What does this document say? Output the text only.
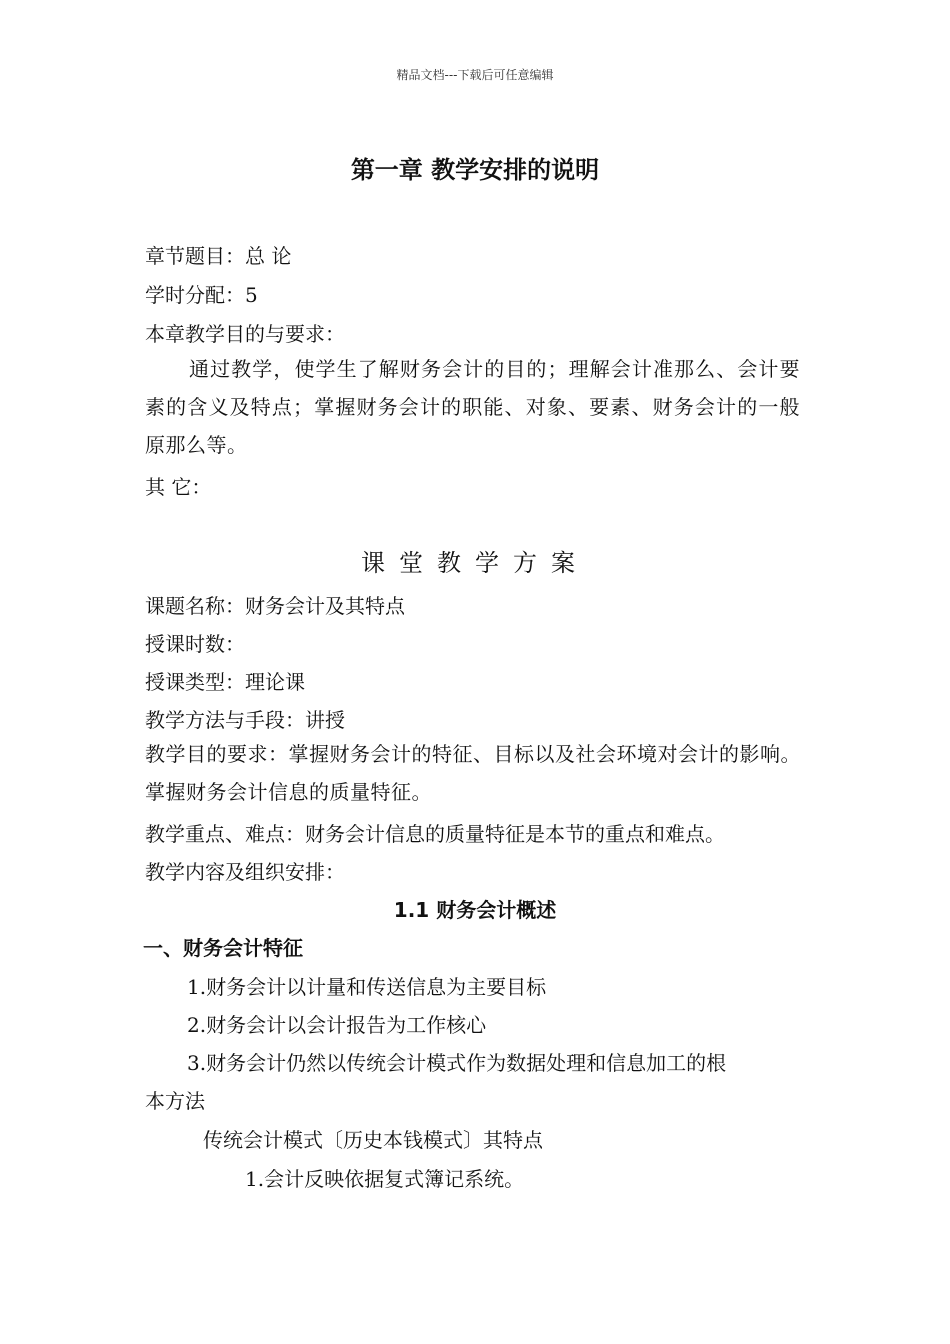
精品文档---下载后可任意编辑
第一章 教学安排的说明
章节题目：总 论
学时分配：5
本章教学目的与要求：
通过教学，使学生了解财务会计的目的；理解会计准那么、会计要素的含义及特点；掌握财务会计的职能、对象、要素、财务会计的一般原那么等。
其 它：
课堂教学方案
课题名称：财务会计及其特点
授课时数：
授课类型：理论课
教学方法与手段：讲授
教学目的要求：掌握财务会计的特征、目标以及社会环境对会计的影响。掌握财务会计信息的质量特征。
教学重点、难点：财务会计信息的质量特征是本节的重点和难点。
教学内容及组织安排：
1.1 财务会计概述
一、财务会计特征
1.财务会计以计量和传送信息为主要目标
2.财务会计以会计报告为工作核心
3.财务会计仍然以传统会计模式作为数据处理和信息加工的根
本方法
传统会计模式〔历史本钱模式〕其特点
1.会计反映依据复式簿记系统。
